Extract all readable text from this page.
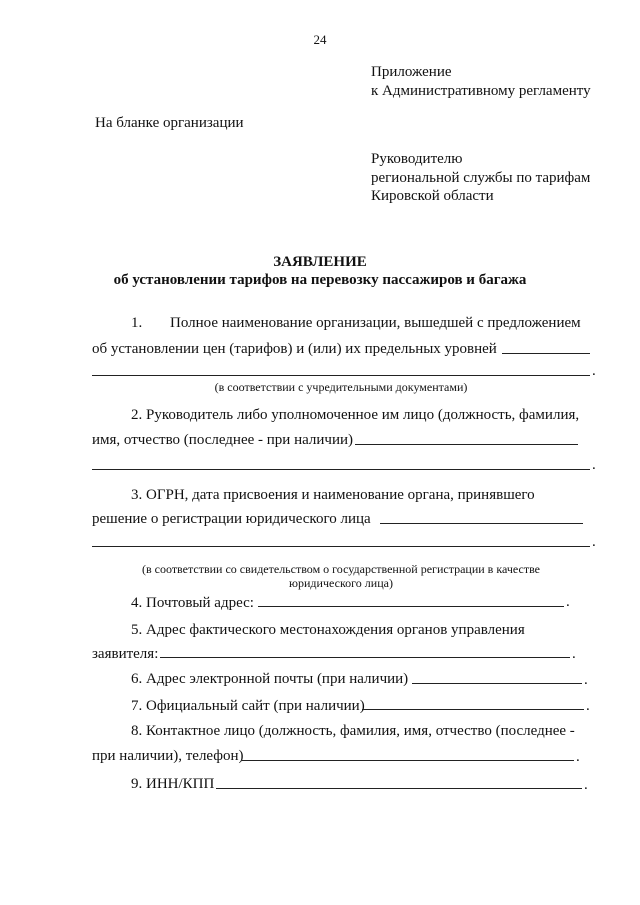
24
Приложение
к Административному регламенту
На бланке организации
Руководителю
региональной службы по тарифам
Кировской области
ЗАЯВЛЕНИЕ
об установлении тарифов на перевозку пассажиров и багажа
1. Полное наименование организации, вышедшей с предложением
об установлении цен (тарифов) и (или) их предельных уровней
.
(в соответствии с учредительными документами)
2. Руководитель либо уполномоченное им лицо (должность, фамилия,
имя, отчество (последнее - при наличии)
.
3. ОГРН, дата присвоения и наименование органа, принявшего
решение о регистрации юридического лица
.
(в соответствии со свидетельством о государственной регистрации в качестве
юридического лица)
4. Почтовый адрес:	.
5. Адрес фактического местонахождения органов управления
заявителя:	.
6. Адрес электронной почты (при наличии)	.
7. Официальный сайт (при наличии)	.
8. Контактное лицо (должность, фамилия, имя, отчество (последнее -
при наличии), телефон)	.
9. ИНН/КПП	.
